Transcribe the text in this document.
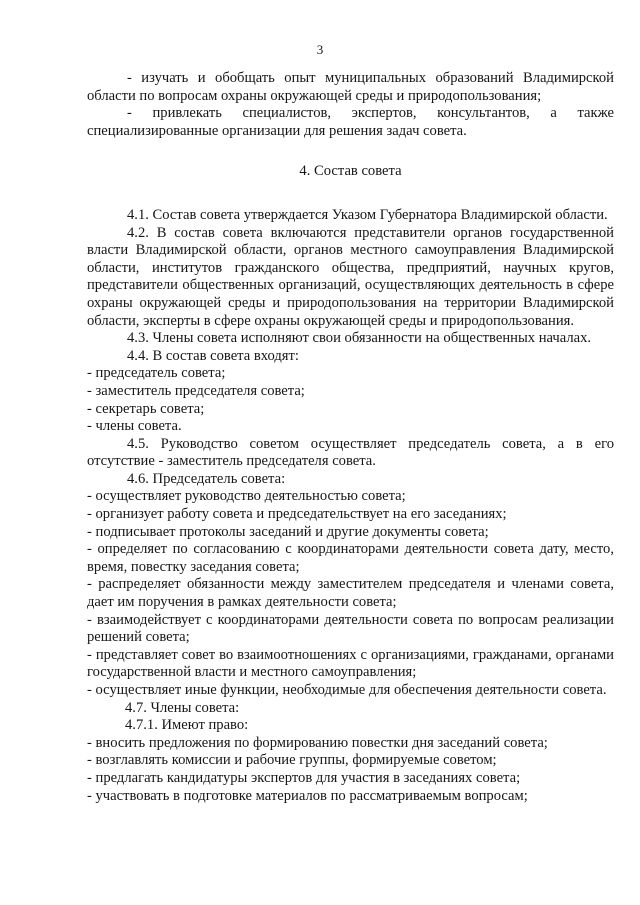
3

- изучать и обобщать опыт муниципальных образований Владимирской области по вопросам охраны окружающей среды и природопользования;

- привлекать специалистов, экспертов, консультантов, а также специализированные организации для решения задач совета.

4. Состав совета

4.1. Состав совета утверждается Указом Губернатора Владимирской области.

4.2. В состав совета включаются представители органов государственной власти Владимирской области, органов местного самоуправления Владимирской области, институтов гражданского общества, предприятий, научных кругов, представители общественных организаций, осуществляющих деятельность в сфере охраны окружающей среды и природопользования на территории Владимирской области, эксперты в сфере охраны окружающей среды и природопользования.

4.3. Члены совета исполняют свои обязанности на общественных началах.

4.4. В состав совета входят:

- председатель совета;

- заместитель председателя совета;

- секретарь совета;

- члены совета.

4.5. Руководство советом осуществляет председатель совета, а в его отсутствие - заместитель председателя совета.

4.6. Председатель совета:

- осуществляет руководство деятельностью совета;

- организует работу совета и председательствует на его заседаниях;

- подписывает протоколы заседаний и другие документы совета;

- определяет по согласованию с координаторами деятельности совета дату, место, время, повестку заседания совета;

- распределяет обязанности между заместителем председателя и членами совета, дает им поручения в рамках деятельности совета;

- взаимодействует с координаторами деятельности совета по вопросам реализации решений совета;

- представляет совет во взаимоотношениях с организациями, гражданами, органами государственной власти и местного самоуправления;

- осуществляет иные функции, необходимые для обеспечения деятельности совета.

4.7. Члены совета:

4.7.1. Имеют право:

- вносить предложения по формированию повестки дня заседаний совета;

- возглавлять комиссии и рабочие группы, формируемые советом;

- предлагать кандидатуры экспертов для участия в заседаниях совета;

- участвовать в подготовке материалов по рассматриваемым вопросам;
